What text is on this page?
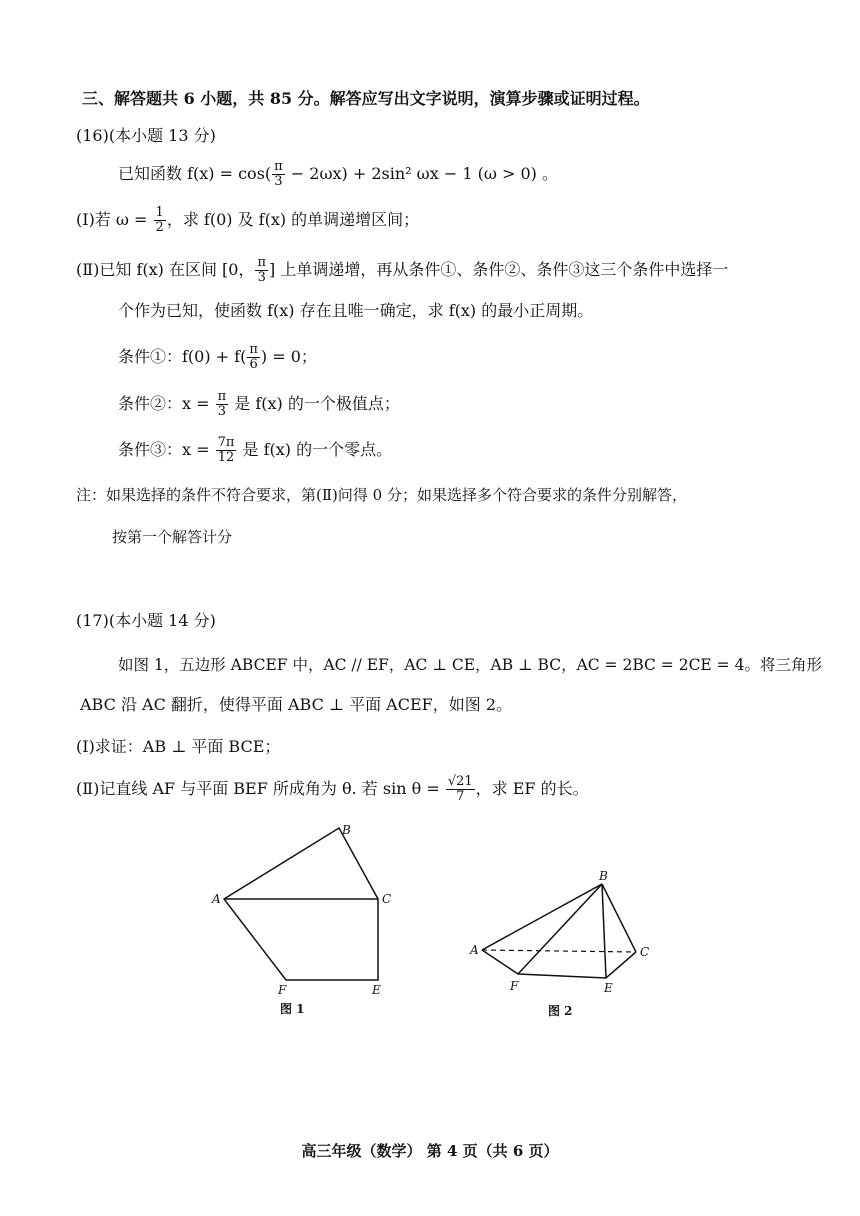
三、解答题共 6 小题，共 85 分。解答应写出文字说明，演算步骤或证明过程。
(16)(本小题 13 分)
已知函数 $f(x) = \cos( \frac{\pi}{3} - 2\omega x) + 2\sin^2$ ωx − 1 (ω > 0) 。
(Ⅰ)若 $\omega = \frac{1}{2}$ ，求 f(0) 及 f(x) 的单调递增区间；
(Ⅱ)已知 f(x) 在区间 [0， $\frac{\pi}{3}$ ] 上单调递增，再从条件①、条件②、条件③这三个条件中选择一
个作为已知，使函数 f(x) 存在且唯一确定，求 f(x) 的最小正周期。
条件①：$f(0) + f( \frac{\pi}{6}$ ) = 0；
条件②：$x = \frac{\pi}{3}$ 是 f(x) 的一个极值点；
条件③：$x = \frac{7\pi}{12}$ 是 f(x) 的一个零点。
注：如果选择的条件不符合要求，第(Ⅱ)问得 0 分；如果选择多个符合要求的条件分别解答，
按第一个解答计分
(17)(本小题 14 分)
如图 1，五边形 ABCEF 中，AC // EF，AC ⊥ CE，AB ⊥ BC，AC = 2BC = 2CE = 4。将三角形
ABC 沿 AC 翻折，使得平面 ABC ⊥ 平面 ACEF，如图 2。
(Ⅰ)求证：AB ⊥ 平面 BCE；
(Ⅱ)记直线 AF 与平面 BEF 所成角为 θ. 若 $\sin \theta = \frac{√21}{7}$ ，求 EF 的长。
B
A	C
F	E
图 1
B
A	C
F	E
图 2
高三年级（数学） 第 4 页（共 6 页）
